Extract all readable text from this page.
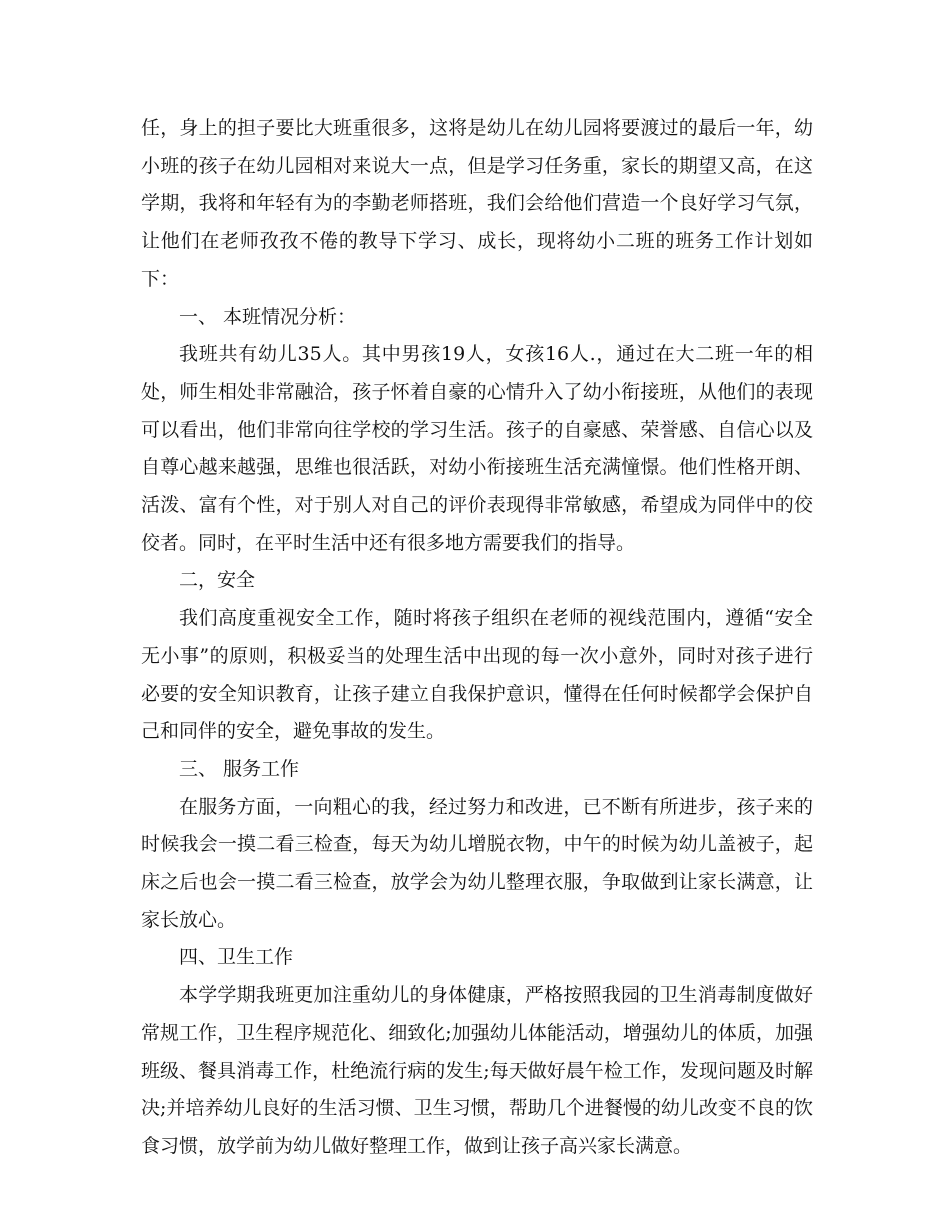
任，身上的担子要比大班重很多，这将是幼儿在幼儿园将要渡过的最后一年，幼小班的孩子在幼儿园相对来说大一点，但是学习任务重，家长的期望又高，在这学期，我将和年轻有为的李勤老师搭班，我们会给他们营造一个良好学习气氛，让他们在老师孜孜不倦的教导下学习、成长，现将幼小二班的班务工作计划如下：

一、 本班情况分析：

我班共有幼儿35人。其中男孩19人，女孩16人.，通过在大二班一年的相处，师生相处非常融洽，孩子怀着自豪的心情升入了幼小衔接班，从他们的表现可以看出，他们非常向往学校的学习生活。孩子的自豪感、荣誉感、自信心以及自尊心越来越强，思维也很活跃，对幼小衔接班生活充满憧憬。他们性格开朗、活泼、富有个性，对于别人对自己的评价表现得非常敏感，希望成为同伴中的佼佼者。同时，在平时生活中还有很多地方需要我们的指导。

二，安全

我们高度重视安全工作，随时将孩子组织在老师的视线范围内，遵循“安全无小事”的原则，积极妥当的处理生活中出现的每一次小意外，同时对孩子进行必要的安全知识教育，让孩子建立自我保护意识，懂得在任何时候都学会保护自己和同伴的安全，避免事故的发生。

三、 服务工作

在服务方面，一向粗心的我，经过努力和改进，已不断有所进步，孩子来的时候我会一摸二看三检查，每天为幼儿增脱衣物，中午的时候为幼儿盖被子，起床之后也会一摸二看三检查，放学会为幼儿整理衣服，争取做到让家长满意，让家长放心。

四、卫生工作

本学学期我班更加注重幼儿的身体健康，严格按照我园的卫生消毒制度做好常规工作，卫生程序规范化、细致化;加强幼儿体能活动，增强幼儿的体质，加强班级、餐具消毒工作，杜绝流行病的发生;每天做好晨午检工作，发现问题及时解决;并培养幼儿良好的生活习惯、卫生习惯，帮助几个进餐慢的幼儿改变不良的饮食习惯，放学前为幼儿做好整理工作，做到让孩子高兴家长满意。
